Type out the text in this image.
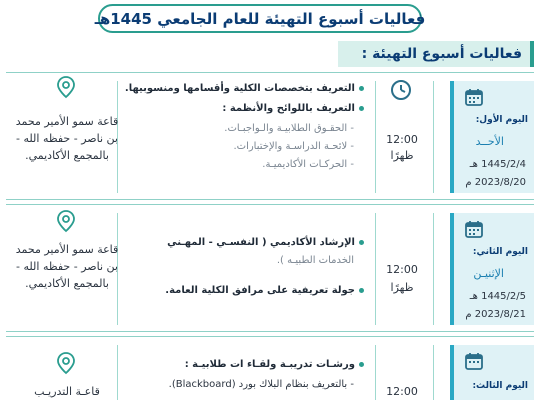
فعاليات أسبوع التهيئة للعام الجامعي 1445هـ
فعاليات أسبوع التهيئة :
اليوم الأول:
الأحــد
1445/2/4 هـ
2023/8/20 م
12:00
ظهرًا
التعريف بتخصصات الكلية وأقسامها ومنسوبيها.
التعريف باللوائح والأنظمة :
- الحقـوق الطلابيـة والـواجبـات.
- لائحـة الدراسـة والإختبارات.
- الحركـات الأكاديميـة.
قاعة سمو الأمير محمد
بن ناصر - حفظه الله -
بالمجمع الأكاديمي.
اليوم الثاني:
الإثنيـن
1445/2/5 هـ
2023/8/21 م
12:00
ظهرًا
الإرشاد الأكاديمي ( النفسـي - المهـني
الخدمات الطبيـه ).
جولة تعريفية على مرافق الكلية العامة.
قاعة سمو الأمير محمد
بن ناصر - حفظه الله -
بالمجمع الأكاديمي.
اليوم الثالث:
12:00
ورشـات تدريبـة ولقـاء ات طلابيـة :
- بالتعريف بنظام البلاك بورد (Blackboard).
قاعـة التدريـب
